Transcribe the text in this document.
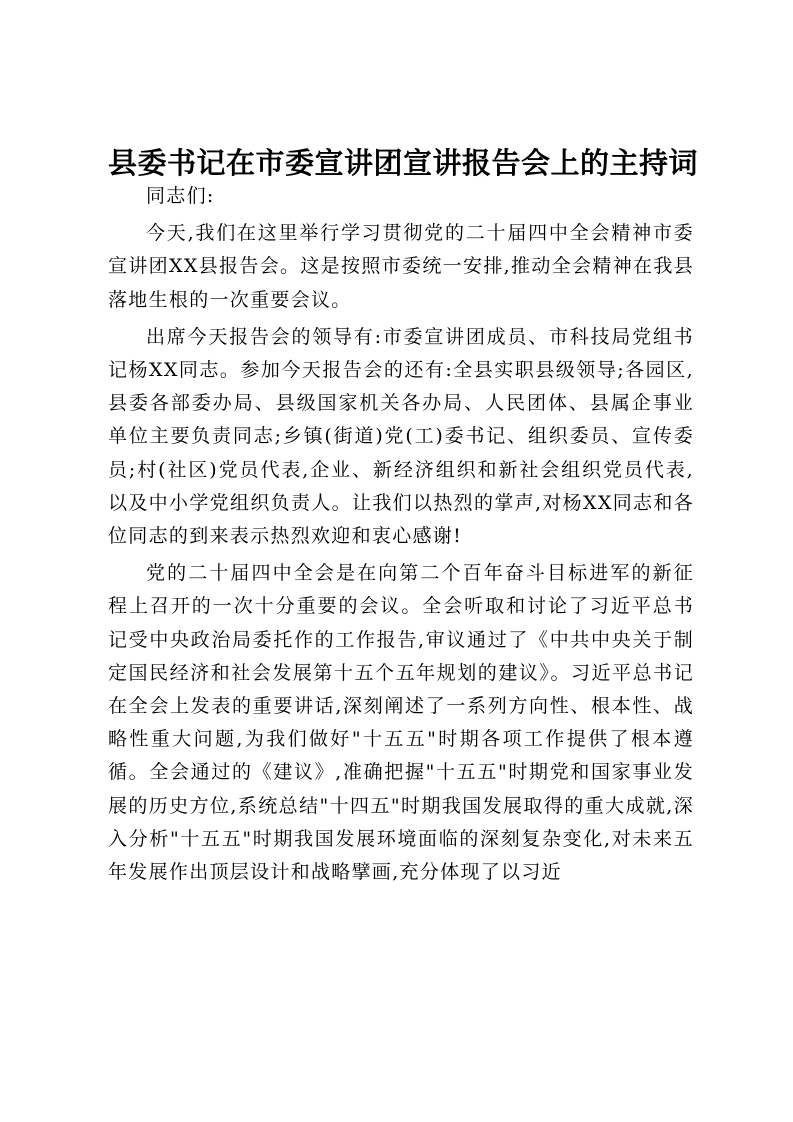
县委书记在市委宣讲团宣讲报告会上的主持词

同志们:

今天,我们在这里举行学习贯彻党的二十届四中全会精神市委宣讲团XX县报告会。这是按照市委统一安排,推动全会精神在我县落地生根的一次重要会议。

出席今天报告会的领导有:市委宣讲团成员、市科技局党组书记杨XX同志。参加今天报告会的还有:全县实职县级领导;各园区,县委各部委办局、县级国家机关各办局、人民团体、县属企事业单位主要负责同志;乡镇(街道)党(工)委书记、组织委员、宣传委员;村(社区)党员代表,企业、新经济组织和新社会组织党员代表,以及中小学党组织负责人。让我们以热烈的掌声,对杨XX同志和各位同志的到来表示热烈欢迎和衷心感谢!

党的二十届四中全会是在向第二个百年奋斗目标进军的新征程上召开的一次十分重要的会议。全会听取和讨论了习近平总书记受中央政治局委托作的工作报告,审议通过了《中共中央关于制定国民经济和社会发展第十五个五年规划的建议》。习近平总书记在全会上发表的重要讲话,深刻阐述了一系列方向性、根本性、战略性重大问题,为我们做好"十五五"时期各项工作提供了根本遵循。全会通过的《建议》,准确把握"十五五"时期党和国家事业发展的历史方位,系统总结"十四五"时期我国发展取得的重大成就,深入分析"十五五"时期我国发展环境面临的深刻复杂变化,对未来五年发展作出顶层设计和战略擘画,充分体现了以习近
